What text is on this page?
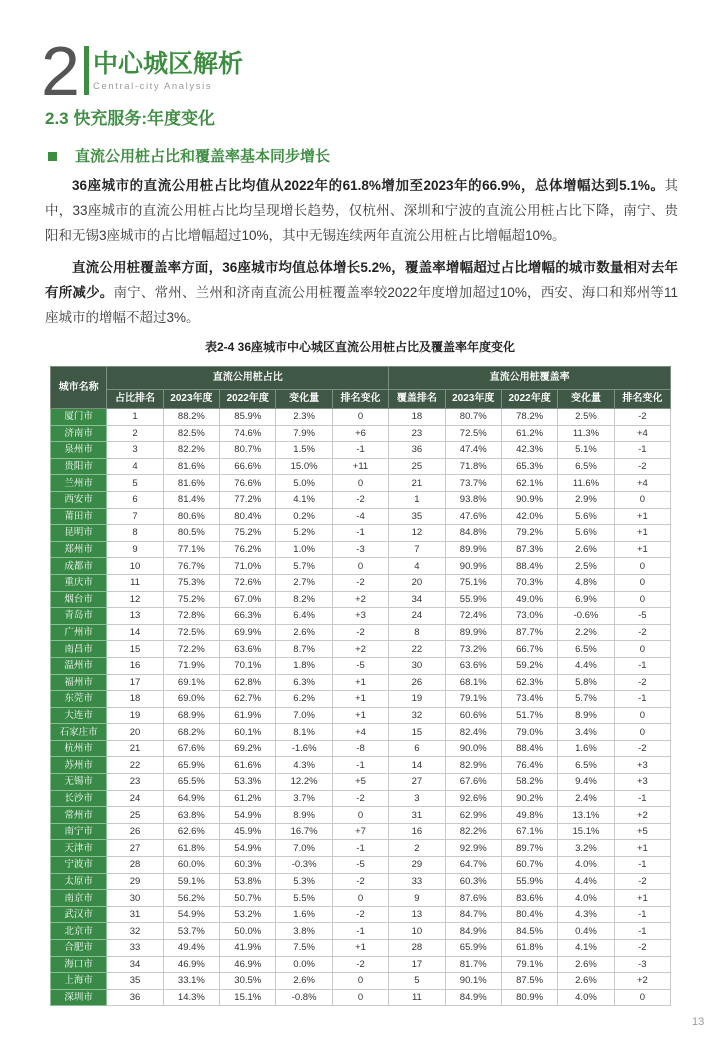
2 中心城区解析
Central-city Analysis
2.3 快充服务:年度变化
直流公用桩占比和覆盖率基本同步增长

36座城市的直流公用桩占比均值从2022年的61.8%增加至2023年的66.9%，总体增幅达到5.1%。其中，33座城市的直流公用桩占比均呈现增长趋势，仅杭州、深圳和宁波的直流公用桩占比下降，南宁、贵阳和无锡3座城市的占比增幅超过10%，其中无锡连续两年直流公用桩占比增幅超10%。

直流公用桩覆盖率方面，36座城市均值总体增长5.2%，覆盖率增幅超过占比增幅的城市数量相对去年有所减少。南宁、常州、兰州和济南直流公用桩覆盖率较2022年度增加超过10%，西安、海口和郑州等11座城市的增幅不超过3%。

表2-4 36座城市中心城区直流公用桩占比及覆盖率年度变化
城市名称	直流公用桩占比					直流公用桩覆盖率				
	占比排名	2023年度	2022年度	变化量	排名变化	覆盖排名	2023年度	2022年度	变化量	排名变化
厦门市	1	88.2%	85.9%	2.3%	0	18	80.7%	78.2%	2.5%	-2
济南市	2	82.5%	74.6%	7.9%	+6	23	72.5%	61.2%	11.3%	+4
泉州市	3	82.2%	80.7%	1.5%	-1	36	47.4%	42.3%	5.1%	-1
贵阳市	4	81.6%	66.6%	15.0%	+11	25	71.8%	65.3%	6.5%	-2
兰州市	5	81.6%	76.6%	5.0%	0	21	73.7%	62.1%	11.6%	+4
西安市	6	81.4%	77.2%	4.1%	-2	1	93.8%	90.9%	2.9%	0
莆田市	7	80.6%	80.4%	0.2%	-4	35	47.6%	42.0%	5.6%	+1
昆明市	8	80.5%	75.2%	5.2%	-1	12	84.8%	79.2%	5.6%	+1
郑州市	9	77.1%	76.2%	1.0%	-3	7	89.9%	87.3%	2.6%	+1
成都市	10	76.7%	71.0%	5.7%	0	4	90.9%	88.4%	2.5%	0
重庆市	11	75.3%	72.6%	2.7%	-2	20	75.1%	70.3%	4.8%	0
烟台市	12	75.2%	67.0%	8.2%	+2	34	55.9%	49.0%	6.9%	0
青岛市	13	72.8%	66.3%	6.4%	+3	24	72.4%	73.0%	-0.6%	-5
广州市	14	72.5%	69.9%	2.6%	-2	8	89.9%	87.7%	2.2%	-2
南昌市	15	72.2%	63.6%	8.7%	+2	22	73.2%	66.7%	6.5%	0
温州市	16	71.9%	70.1%	1.8%	-5	30	63.6%	59.2%	4.4%	-1
福州市	17	69.1%	62.8%	6.3%	+1	26	68.1%	62.3%	5.8%	-2
东莞市	18	69.0%	62.7%	6.2%	+1	19	79.1%	73.4%	5.7%	-1
大连市	19	68.9%	61.9%	7.0%	+1	32	60.6%	51.7%	8.9%	0
石家庄市	20	68.2%	60.1%	8.1%	+4	15	82.4%	79.0%	3.4%	0
杭州市	21	67.6%	69.2%	-1.6%	-8	6	90.0%	88.4%	1.6%	-2
苏州市	22	65.9%	61.6%	4.3%	-1	14	82.9%	76.4%	6.5%	+3
无锡市	23	65.5%	53.3%	12.2%	+5	27	67.6%	58.2%	9.4%	+3
长沙市	24	64.9%	61.2%	3.7%	-2	3	92.6%	90.2%	2.4%	-1
常州市	25	63.8%	54.9%	8.9%	0	31	62.9%	49.8%	13.1%	+2
南宁市	26	62.6%	45.9%	16.7%	+7	16	82.2%	67.1%	15.1%	+5
天津市	27	61.8%	54.9%	7.0%	-1	2	92.9%	89.7%	3.2%	+1
宁波市	28	60.0%	60.3%	-0.3%	-5	29	64.7%	60.7%	4.0%	-1
太原市	29	59.1%	53.8%	5.3%	-2	33	60.3%	55.9%	4.4%	-2
南京市	30	56.2%	50.7%	5.5%	0	9	87.6%	83.6%	4.0%	+1
武汉市	31	54.9%	53.2%	1.6%	-2	13	84.7%	80.4%	4.3%	-1
北京市	32	53.7%	50.0%	3.8%	-1	10	84.9%	84.5%	0.4%	-1
合肥市	33	49.4%	41.9%	7.5%	+1	28	65.9%	61.8%	4.1%	-2
海口市	34	46.9%	46.9%	0.0%	-2	17	81.7%	79.1%	2.6%	-3
上海市	35	33.1%	30.5%	2.6%	0	5	90.1%	87.5%	2.6%	+2
深圳市	36	14.3%	15.1%	-0.8%	0	11	84.9%	80.9%	4.0%	0
13
